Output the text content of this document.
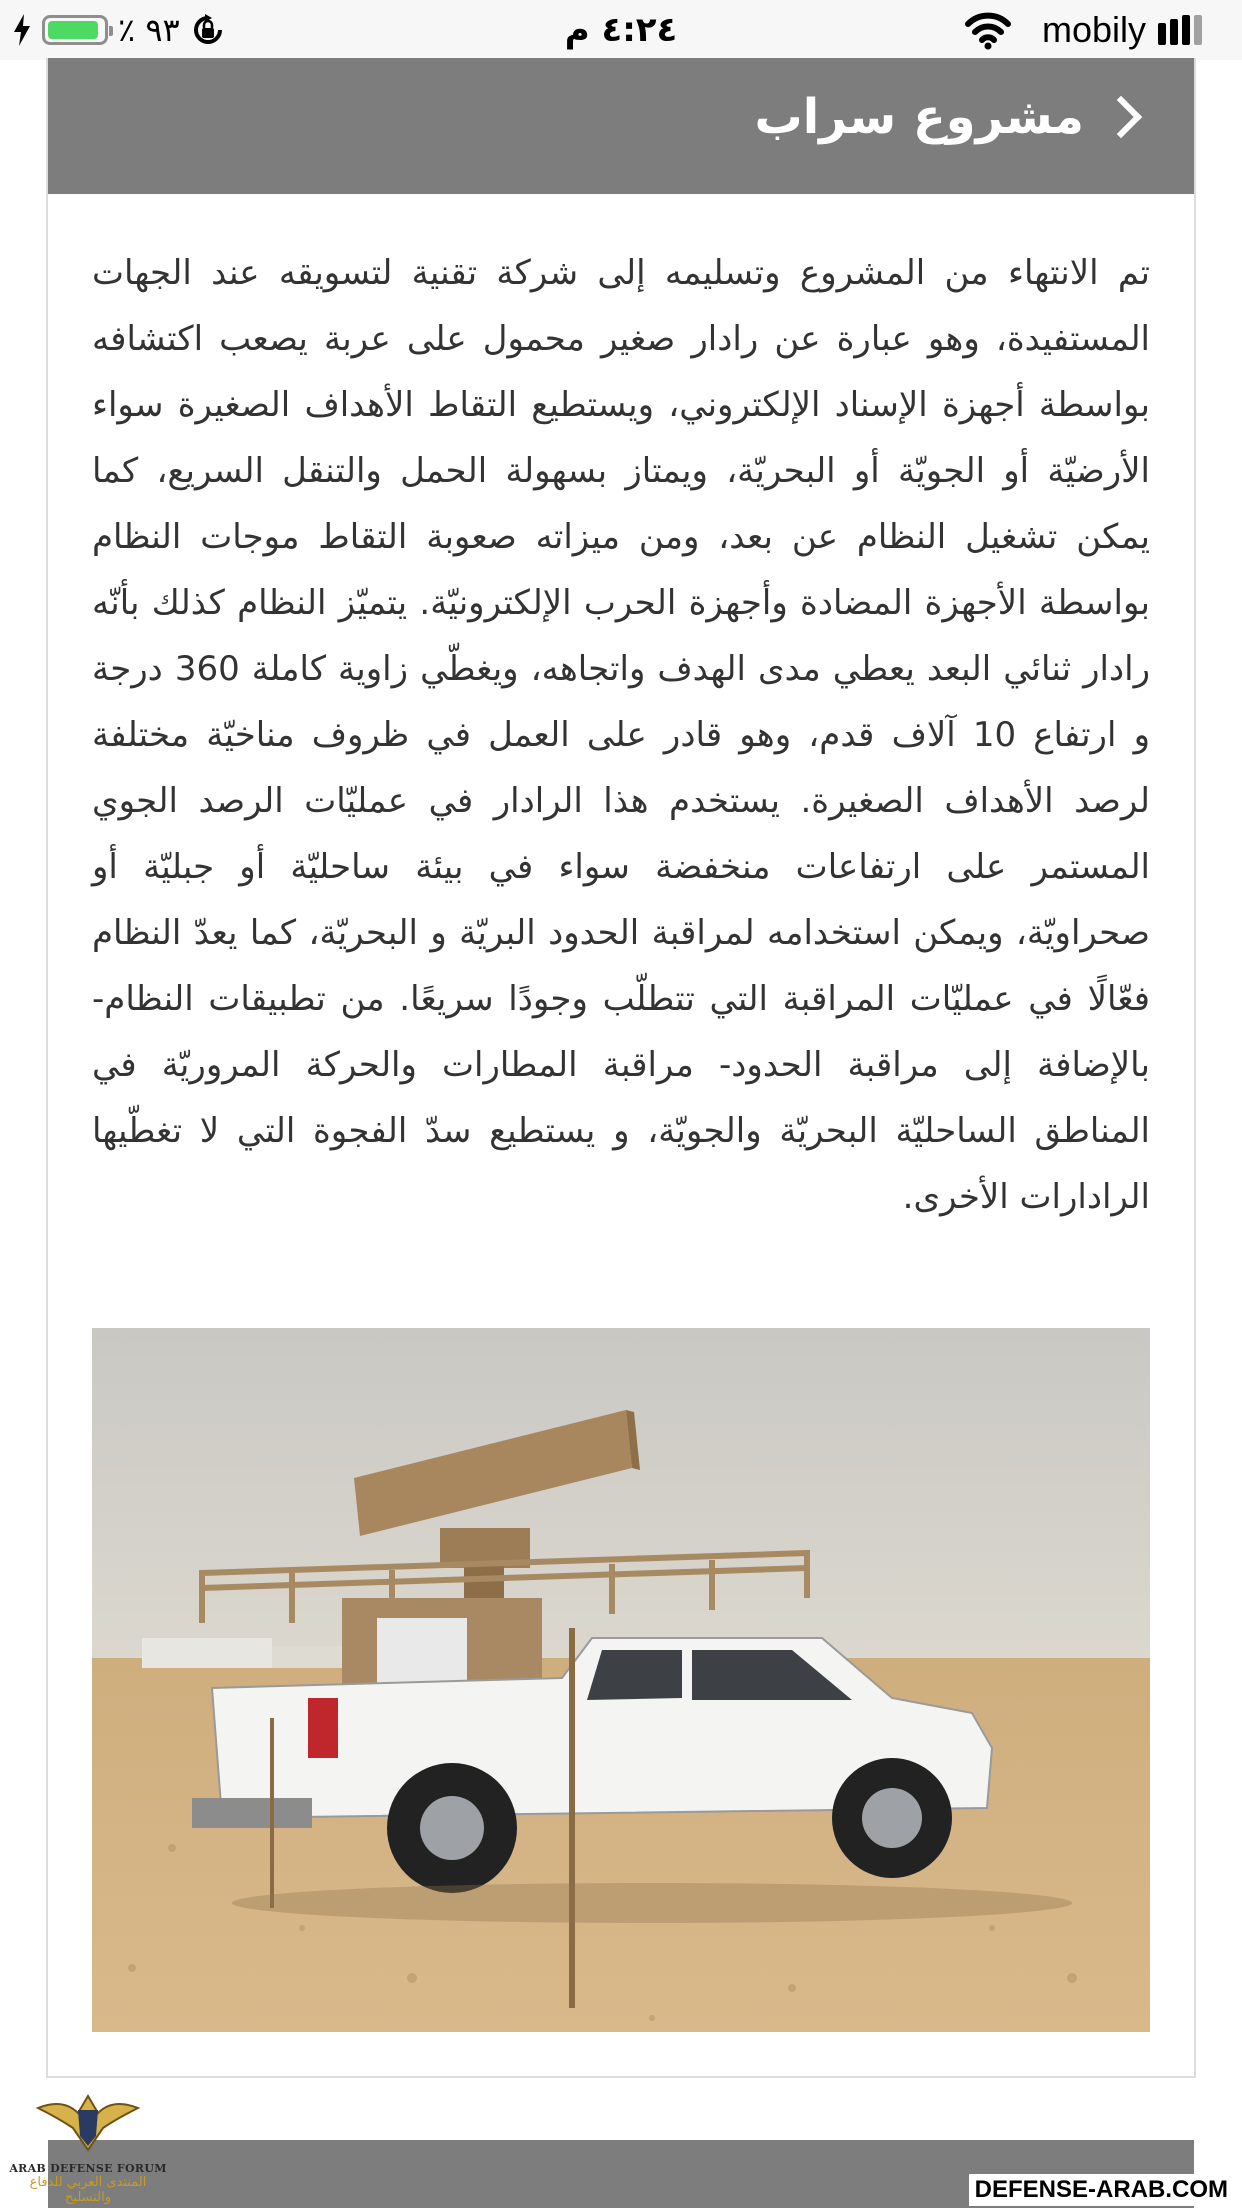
mobily
٤:٢٤ م
٪ ٩٣
مشروع سراب
تم الانتهاء من المشروع وتسليمه إلى شركة تقنية لتسويقه عند الجهات المستفيدة، وهو عبارة عن رادار صغير محمول على عربة يصعب اكتشافه بواسطة أجهزة الإسناد الإلكتروني، ويستطيع التقاط الأهداف الصغيرة سواء الأرضيّة أو الجويّة أو البحريّة، ويمتاز بسهولة الحمل والتنقل السريع، كما يمكن تشغيل النظام عن بعد، ومن ميزاته صعوبة التقاط موجات النظام بواسطة الأجهزة المضادة وأجهزة الحرب الإلكترونيّة. يتميّز النظام كذلك بأنّه رادار ثنائي البعد يعطي مدى الهدف واتجاهه، ويغطّي زاوية كاملة 360 درجة و ارتفاع 10 آلاف قدم، وهو قادر على العمل في ظروف مناخيّة مختلفة لرصد الأهداف الصغيرة. يستخدم هذا الرادار في عمليّات الرصد الجوي المستمر على ارتفاعات منخفضة سواء في بيئة ساحليّة أو جبليّة أو صحراويّة، ويمكن استخدامه لمراقبة الحدود البريّة و البحريّة، كما يعدّ النظام فعّالًا في عمليّات المراقبة التي تتطلّب وجودًا سريعًا. من تطبيقات النظام- بالإضافة إلى مراقبة الحدود- مراقبة المطارات والحركة المروريّة في المناطق الساحليّة البحريّة والجويّة، و يستطيع سدّ الفجوة التي لا تغطّيها الرادارات الأخرى.
ARAB DEFENSE FORUM
المنتدى العربي للدفاع والتسليح	DEFENSE-ARAB.COM
